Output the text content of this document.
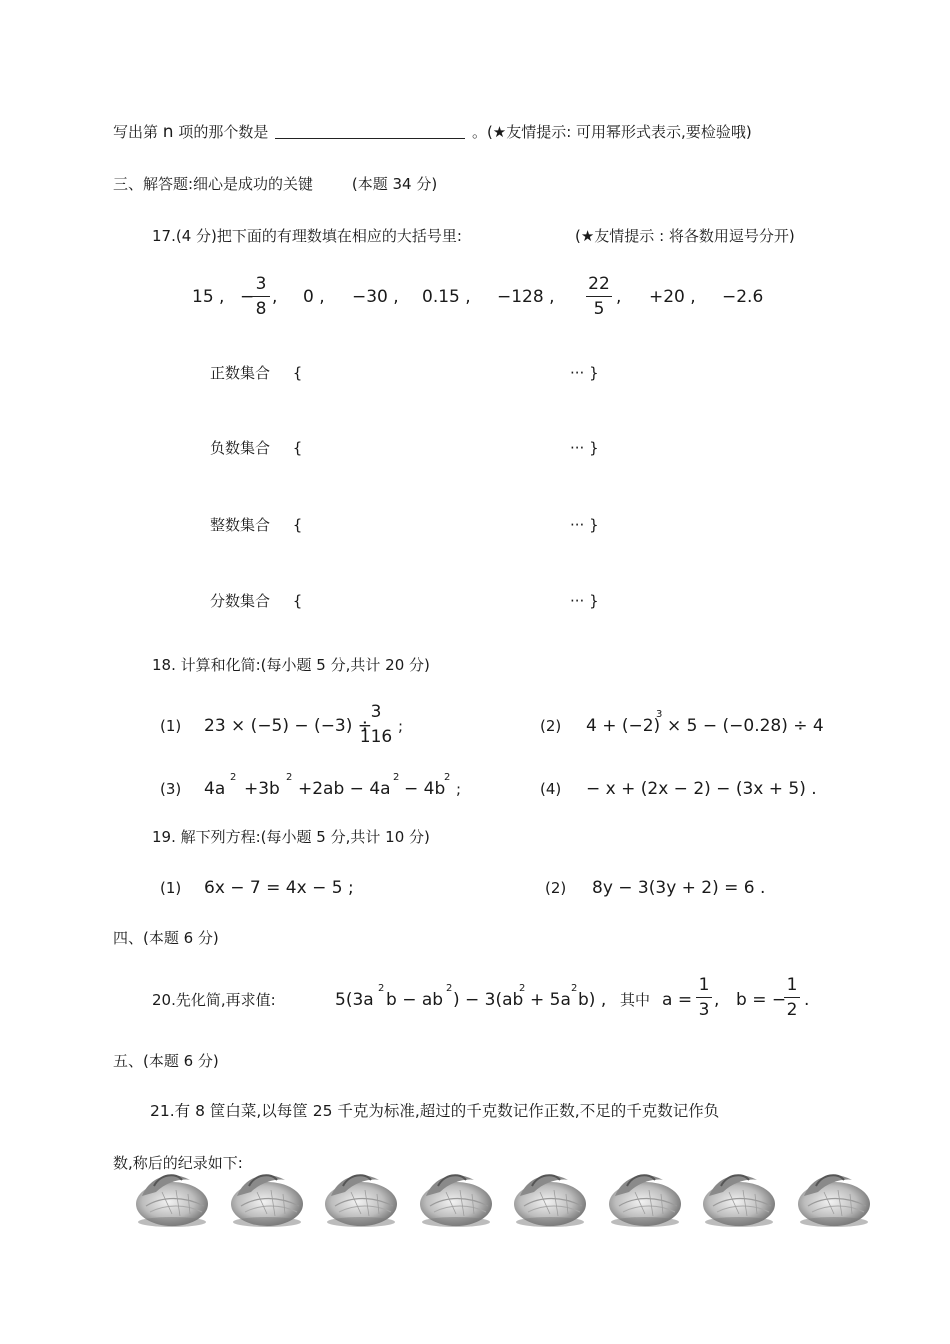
写出第 n 项的那个数是	。(★友情提示: 可用幂形式表示,要检验哦)
三、解答题:细心是成功的关键	(本题 34 分)
17.(4 分)把下面的有理数填在相应的大括号里:	(★友情提示 : 将各数用逗号分开)
15 , −
3
8
, 0 , −30 , 0.15 , −128 ,
22
5
, +20 , −2.6
正数集合 {	··· }
负数集合 {	··· }
整数集合 {	··· }
分数集合 {	··· }
18. 计算和化简:(每小题 5 分,共计 20 分)
(1) 23 × (−5) − (−3) ÷
3
116
;	(2) 4 + (−2)
3
× 5 − (−0.28) ÷ 4
(3) 4a
2
+3b
2
+2ab − 4a
2
− 4b
2
;	(4) − x + (2x − 2) − (3x + 5) .
19. 解下列方程:(每小题 5 分,共计 10 分)
(1) 6x − 7 = 4x − 5 ;	(2) 8y − 3(3y + 2) = 6 .
四、(本题 6 分)
20.先化简,再求值:	5(3a
2
b − ab
2
) − 3(ab
2
+ 5a
2
b) , 其中 a =
1
3 , b = −
1
2 .
五、(本题 6 分)
21.有 8 筐白菜,以每筐 25 千克为标准,超过的千克数记作正数,不足的千克数记作负
数,称后的纪录如下:
